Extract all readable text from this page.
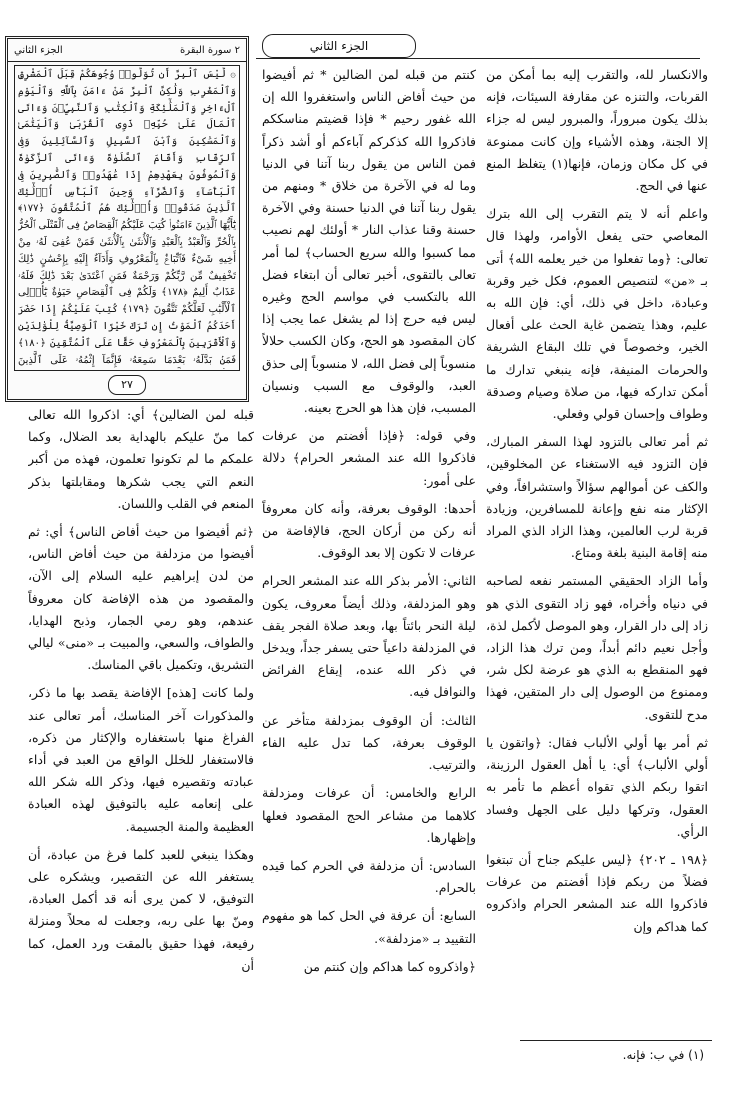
الجزء الثاني
الجزء الثاني	٢ سورة البقرة
۞ لَّيْسَ ٱلْبِرَّ أَن تُوَلُّوا۟ وُجُوهَكُمْ قِبَلَ ٱلْمَشْرِقِ وَٱلْمَغْرِبِ وَلَٰكِنَّ ٱلْبِرَّ مَنْ ءَامَنَ بِٱللَّهِ وَٱلْيَوْمِ ٱلْءَاخِرِ وَٱلْمَلَٰٓئِكَةِ وَٱلْكِتَٰبِ وَٱلنَّبِيِّۦنَ وَءَاتَى ٱلْمَالَ عَلَىٰ حُبِّهِۦ ذَوِى ٱلْقُرْبَىٰ وَٱلْيَتَٰمَىٰ وَٱلْمَسَٰكِينَ وَٱبْنَ ٱلسَّبِيلِ وَٱلسَّآئِلِينَ وَفِى ٱلرِّقَابِ وَأَقَامَ ٱلصَّلَوٰةَ وَءَاتَى ٱلزَّكَوٰةَ وَٱلْمُوفُونَ بِعَهْدِهِمْ إِذَا عَٰهَدُوا۟ وَٱلصَّٰبِرِينَ فِى ٱلْبَأْسَآءِ وَٱلضَّرَّآءِ وَحِينَ ٱلْبَأْسِ أُو۟لَٰٓئِكَ ٱلَّذِينَ صَدَقُوا۟ وَأُو۟لَٰٓئِكَ هُمُ ٱلْمُتَّقُونَ ﴿١٧٧﴾ يَٰٓأَيُّهَا ٱلَّذِينَ ءَامَنُوا۟ كُتِبَ عَلَيْكُمُ ٱلْقِصَاصُ فِى ٱلْقَتْلَى ٱلْحُرُّ بِٱلْحُرِّ وَٱلْعَبْدُ بِٱلْعَبْدِ وَٱلْأُنثَىٰ بِٱلْأُنثَىٰ فَمَنْ عُفِىَ لَهُۥ مِنْ أَخِيهِ شَىْءٌ فَٱتِّبَاعٌۢ بِٱلْمَعْرُوفِ وَأَدَآءٌ إِلَيْهِ بِإِحْسَٰنٍ ذَٰلِكَ تَخْفِيفٌ مِّن رَّبِّكُمْ وَرَحْمَةٌ فَمَنِ ٱعْتَدَىٰ بَعْدَ ذَٰلِكَ فَلَهُۥ عَذَابٌ أَلِيمٌ ﴿١٧٨﴾ وَلَكُمْ فِى ٱلْقِصَاصِ حَيَوٰةٌ يَٰٓأُو۟لِى ٱلْأَلْبَٰبِ لَعَلَّكُمْ تَتَّقُونَ ﴿١٧٩﴾ كُتِبَ عَلَيْكُمْ إِذَا حَضَرَ أَحَدَكُمُ ٱلْمَوْتُ إِن تَرَكَ خَيْرًا ٱلْوَصِيَّةُ لِلْوَٰلِدَيْنِ وَٱلْأَقْرَبِينَ بِٱلْمَعْرُوفِ حَقًّا عَلَى ٱلْمُتَّقِينَ ﴿١٨٠﴾ فَمَنۢ بَدَّلَهُۥ بَعْدَمَا سَمِعَهُۥ فَإِنَّمَآ إِثْمُهُۥ عَلَى ٱلَّذِينَ
٢٧

والانكسار لله، والتقرب إليه بما أمكن من القربات، والتنزه عن مقارفة السيئات، فإنه بذلك يكون مبروراً، والمبرور ليس له جزاء إلا الجنة، وهذه الأشياء وإن كانت ممنوعة في كل مكان وزمان، فإنها(١) يتغلظ المنع عنها في الحج.

واعلم أنه لا يتم التقرب إلى الله بترك المعاصي حتى يفعل الأوامر، ولهذا قال تعالى: ﴿وما تفعلوا من خير يعلمه الله﴾ أتى بـ «من» لتنصيص العموم، فكل خير وقربة وعبادة، داخل في ذلك، أي: فإن الله به عليم، وهذا يتضمن غاية الحث على أفعال الخير، وخصوصاً في تلك البقاع الشريفة والحرمات المنيفة، فإنه ينبغي تدارك ما أمكن تداركه فيها، من صلاة وصيام وصدقة وطواف وإحسان قولي وفعلي.

ثم أمر تعالى بالتزود لهذا السفر المبارك، فإن التزود فيه الاستغناء عن المخلوقين، والكف عن أموالهم سؤالاً واستشرافاً، وفي الإكثار منه نفع وإعانة للمسافرين، وزيادة قربة لرب العالمين، وهذا الزاد الذي المراد منه إقامة البنية بلغة ومتاع.

وأما الزاد الحقيقي المستمر نفعه لصاحبه في دنياه وأخراه، فهو زاد التقوى الذي هو زاد إلى دار القرار، وهو الموصل لأكمل لذة، وأجل نعيم دائم أبداً، ومن ترك هذا الزاد، فهو المنقطع به الذي هو عرضة لكل شر، وممنوع من الوصول إلى دار المتقين، فهذا مدح للتقوى.

ثم أمر بها أولي الألباب فقال: ﴿واتقون يا أولي الألباب﴾ أي: يا أهل العقول الرزينة، اتقوا ربكم الذي تقواه أعظم ما تأمر به العقول، وتركها دليل على الجهل وفساد الرأي.

﴿١٩٨ ـ ٢٠٢﴾ ﴿ليس عليكم جناح أن تبتغوا فضلاً من ربكم فإذا أفضتم من عرفات فاذكروا الله عند المشعر الحرام واذكروه كما هداكم وإن

كنتم من قبله لمن الضالين * ثم أفيضوا من حيث أفاض الناس واستغفروا الله إن الله غفور رحيم * فإذا قضيتم مناسككم فاذكروا الله كذكركم آباءكم أو أشد ذكراً فمن الناس من يقول ربنا آتنا في الدنيا وما له في الآخرة من خلاق * ومنهم من يقول ربنا آتنا في الدنيا حسنة وفي الآخرة حسنة وقنا عذاب النار * أولئك لهم نصيب مما كسبوا والله سريع الحساب﴾ لما أمر تعالى بالتقوى، أخبر تعالى أن ابتغاء فضل الله بالتكسب في مواسم الحج وغيره ليس فيه حرج إذا لم يشغل عما يجب إذا كان المقصود هو الحج، وكان الكسب حلالاً منسوباً إلى فضل الله، لا منسوباً إلى حذق العبد، والوقوف مع السبب ونسيان المسبب، فإن هذا هو الحرج بعينه.

وفي قوله: ﴿فإذا أفضتم من عرفات فاذكروا الله عند المشعر الحرام﴾ دلالة على أمور:

أحدها: الوقوف بعرفة، وأنه كان معروفاً أنه ركن من أركان الحج، فالإفاضة من عرفات لا تكون إلا بعد الوقوف.

الثاني: الأمر بذكر الله عند المشعر الحرام وهو المزدلفة، وذلك أيضاً معروف، يكون ليلة النحر بائتاً بها، وبعد صلاة الفجر يقف في المزدلفة داعياً حتى يسفر جداً، ويدخل في ذكر الله عنده، إيقاع الفرائض والنوافل فيه.

الثالث: أن الوقوف بمزدلفة متأخر عن الوقوف بعرفة، كما تدل عليه الفاء والترتيب.

الرابع والخامس: أن عرفات ومزدلفة كلاهما من مشاعر الحج المقصود فعلها وإظهارها.

السادس: أن مزدلفة في الحرم كما قيده بالحرام.

السابع: أن عرفة في الحل كما هو مفهوم التقييد بـ «مزدلفة».

﴿واذكروه كما هداكم وإن كنتم من

قبله لمن الضالين﴾ أي: اذكروا الله تعالى كما منّ عليكم بالهداية بعد الضلال، وكما علمكم ما لم تكونوا تعلمون، فهذه من أكبر النعم التي يجب شكرها ومقابلتها بذكر المنعم في القلب واللسان.

﴿ثم أفيضوا من حيث أفاض الناس﴾ أي: ثم أفيضوا من مزدلفة من حيث أفاض الناس، من لدن إبراهيم عليه السلام إلى الآن، والمقصود من هذه الإفاضة كان معروفاً عندهم، وهو رمي الجمار، وذبح الهدايا، والطواف، والسعي، والمبيت بـ «منى» ليالي التشريق، وتكميل باقي المناسك.

ولما كانت [هذه] الإفاضة يقصد بها ما ذكر، والمذكورات آخر المناسك، أمر تعالى عند الفراغ منها باستغفاره والإكثار من ذكره، فالاستغفار للخلل الواقع من العبد في أداء عبادته وتقصيره فيها، وذكر الله شكر الله على إنعامه عليه بالتوفيق لهذه العبادة العظيمة والمنة الجسيمة.

وهكذا ينبغي للعبد كلما فرغ من عبادة، أن يستغفر الله عن التقصير، ويشكره على التوفيق، لا كمن يرى أنه قد أكمل العبادة، ومنّ بها على ربه، وجعلت له محلاً ومنزلة رفيعة، فهذا حقيق بالمقت ورد العمل، كما أن

(١) في ب: فإنه.
